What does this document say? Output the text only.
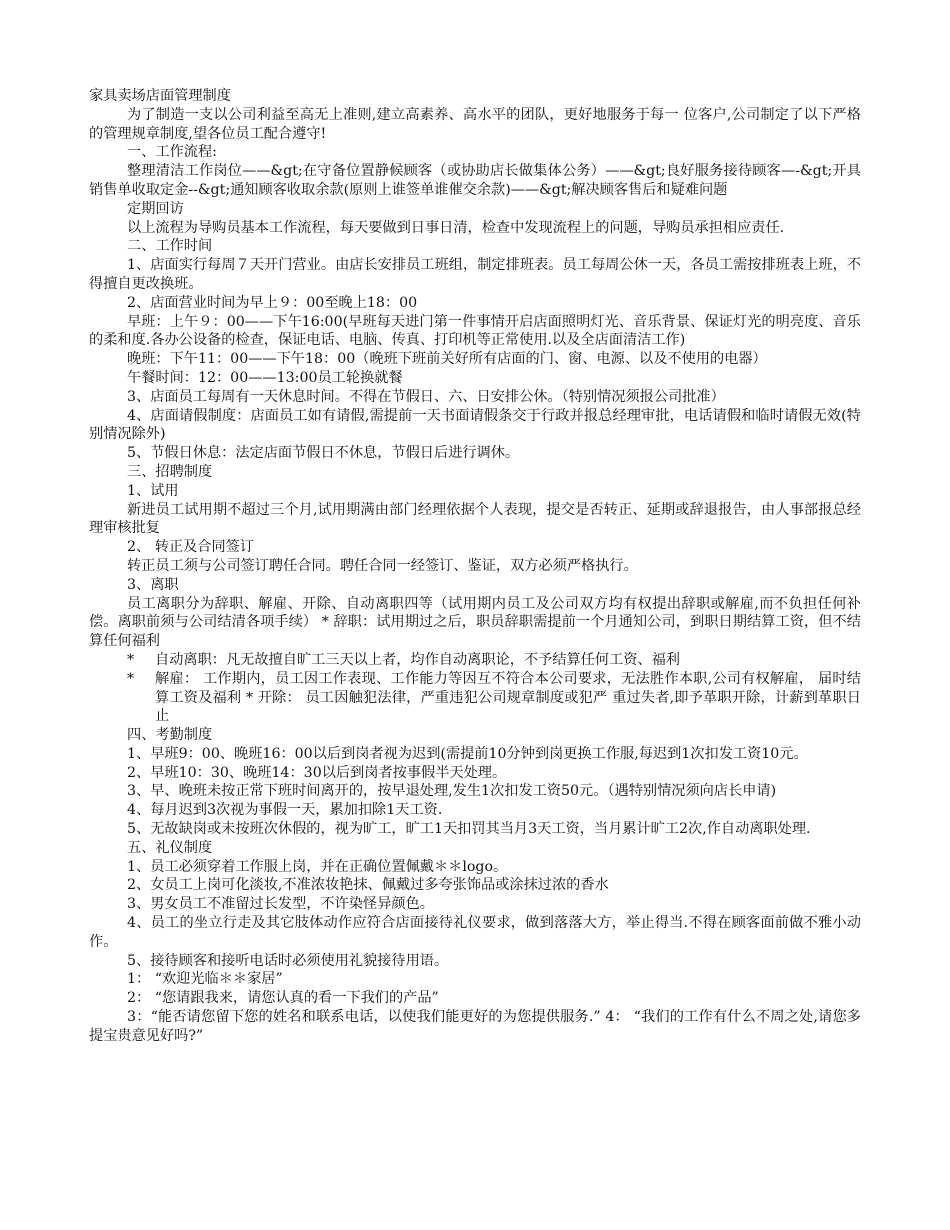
家具卖场店面管理制度

为了制造一支以公司利益至高无上准则,建立高素养、高水平的团队，更好地服务于每一 位客户,公司制定了以下严格的管理规章制度,望各位员工配合遵守!

一、工作流程:

整理清洁工作岗位——&gt;在守备位置静候顾客（或协助店长做集体公务）——&gt;良好服务接待顾客—-&gt;开具销售单收取定金--&gt;通知顾客收取余款(原则上谁签单谁催交余款)——&gt;解决顾客售后和疑难问题

定期回访

以上流程为导购员基本工作流程，每天要做到日事日清，检查中发现流程上的问题，导购员承担相应责任.

二、工作时间

1、店面实行每周７天开门营业。由店长安排员工班组，制定排班表。员工每周公休一天，各员工需按排班表上班，不得擅自更改换班。

2、店面营业时间为早上９：00至晚上18：00

早班：上午９：00——下午16:00(早班每天进门第一件事情开启店面照明灯光、音乐背景、保证灯光的明亮度、音乐的柔和度.各办公设备的检查，保证电话、电脑、传真、打印机等正常使用.以及全店面清洁工作)

晚班：下午11：00——下午18：00（晚班下班前关好所有店面的门、窗、电源、以及不使用的电器）

午餐时间：12：00——13:00员工轮换就餐

3、店面员工每周有一天休息时间。不得在节假日、六、日安排公休。（特别情况须报公司批准）

4、店面请假制度：店面员工如有请假,需提前一天书面请假条交于行政并报总经理审批，电话请假和临时请假无效(特别情况除外)

5、节假日休息：法定店面节假日不休息，节假日后进行调休。

三、招聘制度

1、试用

新进员工试用期不超过三个月,试用期满由部门经理依据个人表现，提交是否转正、延期或辞退报告，由人事部报总经理审核批复

2、 转正及合同签订

转正员工须与公司签订聘任合同。聘任合同一经签订、鉴证，双方必须严格执行。

3、离职

员工离职分为辞职、解雇、开除、自动离职四等（试用期内员工及公司双方均有权提出辞职或解雇,而不负担任何补偿。离职前须与公司结清各项手续） * 辞职：试用期过之后，职员辞职需提前一个月通知公司，到职日期结算工资，但不结算任何福利

*	自动离职：凡无故擅自旷工三天以上者，均作自动离职论，不予结算任何工资、福利
*	解雇： 工作期内，员工因工作表现、工作能力等因互不符合本公司要求，无法胜作本职,公司有权解雇， 届时结算工资及福利 * 开除： 员工因触犯法律，严重违犯公司规章制度或犯严 重过失者,即予革职开除，计薪到革职日止

四、考勤制度

1、早班9：00、晚班16：00以后到岗者视为迟到(需提前10分钟到岗更换工作服,每迟到1次扣发工资10元。

2、早班10：30、晚班14：30以后到岗者按事假半天处理。

3、早、晚班未按正常下班时间离开的，按早退处理,发生1次扣发工资50元。（遇特别情况须向店长申请)

4、每月迟到3次视为事假一天，累加扣除1天工资.

5、无故缺岗或未按班次休假的，视为旷工，旷工1天扣罚其当月3天工资，当月累计旷工2次,作自动离职处理.

五、礼仪制度

1、员工必须穿着工作服上岗，并在正确位置佩戴＊＊logo。

2、女员工上岗可化淡妆,不准浓妆艳抹、佩戴过多夸张饰品或涂抹过浓的香水

3、男女员工不准留过长发型，不许染怪异颜色。

4、员工的坐立行走及其它肢体动作应符合店面接待礼仪要求，做到落落大方，举止得当.不得在顾客面前做不雅小动作。

5、接待顾客和接听电话时必须使用礼貌接待用语。

1： “欢迎光临＊＊家居”

2： “您请跟我来，请您认真的看一下我们的产品”

3：“能否请您留下您的姓名和联系电话，以使我们能更好的为您提供服务.” 4： “我们的工作有什么不周之处,请您多提宝贵意见好吗?”
